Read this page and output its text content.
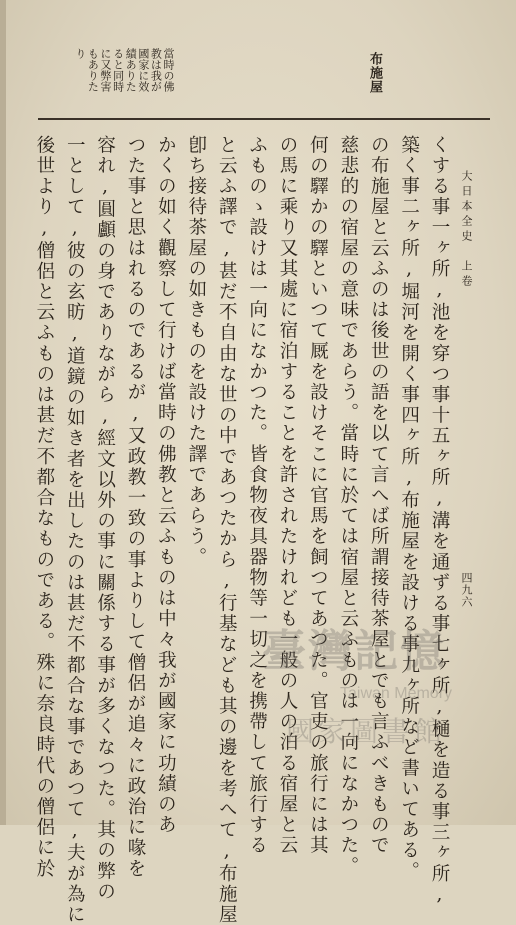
布施屋
當時の佛
教は我が
國家に效
績ありた
ると同時
に又弊害
もありた
り
大日本全史　上卷
四九六
くする事一ヶ所,池を穿つ事十五ヶ所,溝を通ずる事七ヶ所,樋を造る事三ヶ所,
築く事二ヶ所,堀河を開く事四ヶ所,布施屋を設ける事九ヶ所など書いてある。
の布施屋と云ふのは後世の語を以て言へば所謂接待茶屋とでも言ふべきもので
慈悲的の宿屋の意味であらう。當時に於ては宿屋と云ふものは一向になかつた。
何の驛かの驛といつて厩を設けそこに官馬を飼つてあつた。官吏の旅行には其
の馬に乘り又其處に宿泊することを許されたけれども一般の人の泊る宿屋と云
ふものゝ設けは一向になかつた。皆食物夜具器物等一切之を携帶して旅行する
と云ふ譯で,甚だ不自由な世の中であつたから,行基なども其の邊を考へて,布施屋
卽ち接待茶屋の如きものを設けた譯であらう。
かくの如く觀察して行けば當時の佛教と云ふものは中々我が國家に功績のあ
つた事と思はれるのであるが,又政教一致の事よりして僧侶が追々に政治に喙を
容れ,圓顱の身でありながら,經文以外の事に關係する事が多くなつた。其の弊の
一として,彼の玄昉,道鏡の如き者を出したのは甚だ不都合な事であつて,夫が為に
後世より,僧侶と云ふものは甚だ不都合なものである。殊に奈良時代の僧侶に於	臺灣記憶
Taiwan Memory
國家圖書館
